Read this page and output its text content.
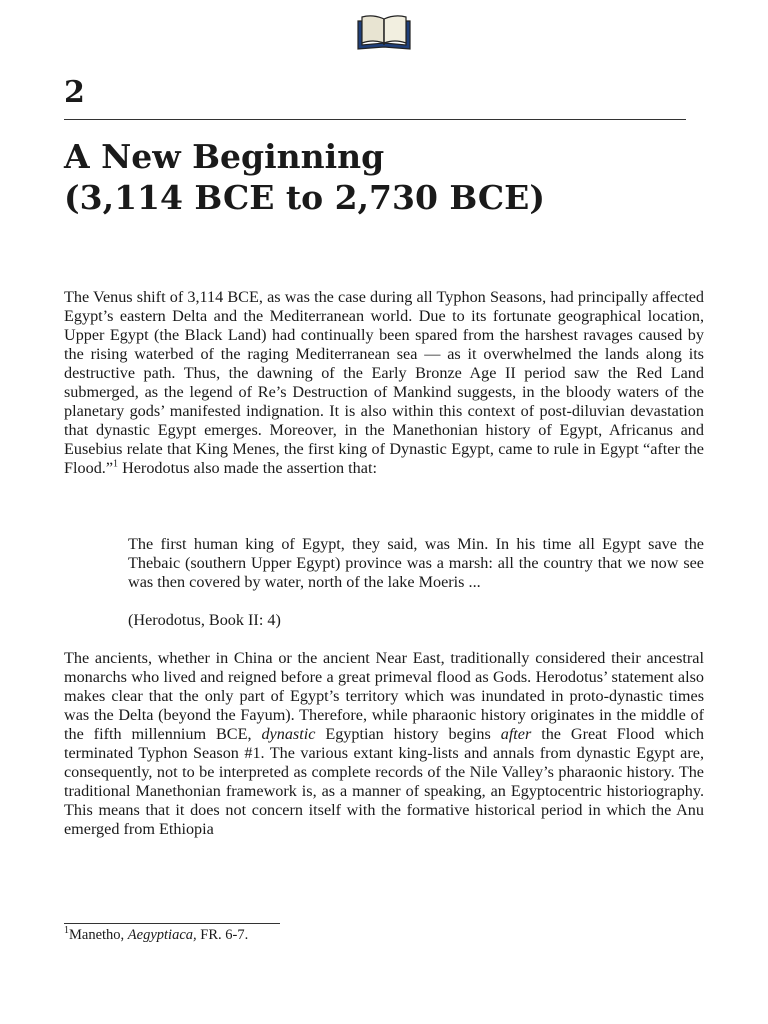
2
A New Beginning
(3,114 BCE to 2,730 BCE)

The Venus shift of 3,114 BCE, as was the case during all Typhon Seasons, had principally affected Egypt’s eastern Delta and the Mediterranean world. Due to its fortunate geographical location, Upper Egypt (the Black Land) had continually been spared from the harshest ravages caused by the rising waterbed of the raging Mediterranean sea — as it overwhelmed the lands along its destructive path. Thus, the dawning of the Early Bronze Age II period saw the Red Land submerged, as the legend of Re’s Destruction of Mankind suggests, in the bloody waters of the planetary gods’ manifested indignation. It is also within this context of post-diluvian devastation that dynastic Egypt emerges. Moreover, in the Manethonian history of Egypt, Africanus and Eusebius relate that King Menes, the first king of Dynastic Egypt, came to rule in Egypt “after the Flood.”$^1$ Herodotus also made the assertion that:

The first human king of Egypt, they said, was Min. In his time all Egypt save the Thebaic (southern Upper Egypt) province was a marsh: all the country that we now see was then covered by water, north of the lake Moeris ...

(Herodotus, Book II: 4)

The ancients, whether in China or the ancient Near East, traditionally considered their ancestral monarchs who lived and reigned before a great primeval flood as Gods. Herodotus’ statement also makes clear that the only part of Egypt’s territory which was inundated in proto-dynastic times was the Delta (beyond the Fayum). Therefore, while pharaonic history originates in the middle of the fifth millennium BCE, dynastic Egyptian history begins after the Great Flood which terminated Typhon Season #1. The various extant king-lists and annals from dynastic Egypt are, consequently, not to be interpreted as complete records of the Nile Valley’s pharaonic history. The traditional Manethonian framework is, as a manner of speaking, an Egyptocentric historiography. This means that it does not concern itself with the formative historical period in which the Anu emerged from Ethiopia

$^1$Manetho, Aegyptiaca, FR. 6-7.
